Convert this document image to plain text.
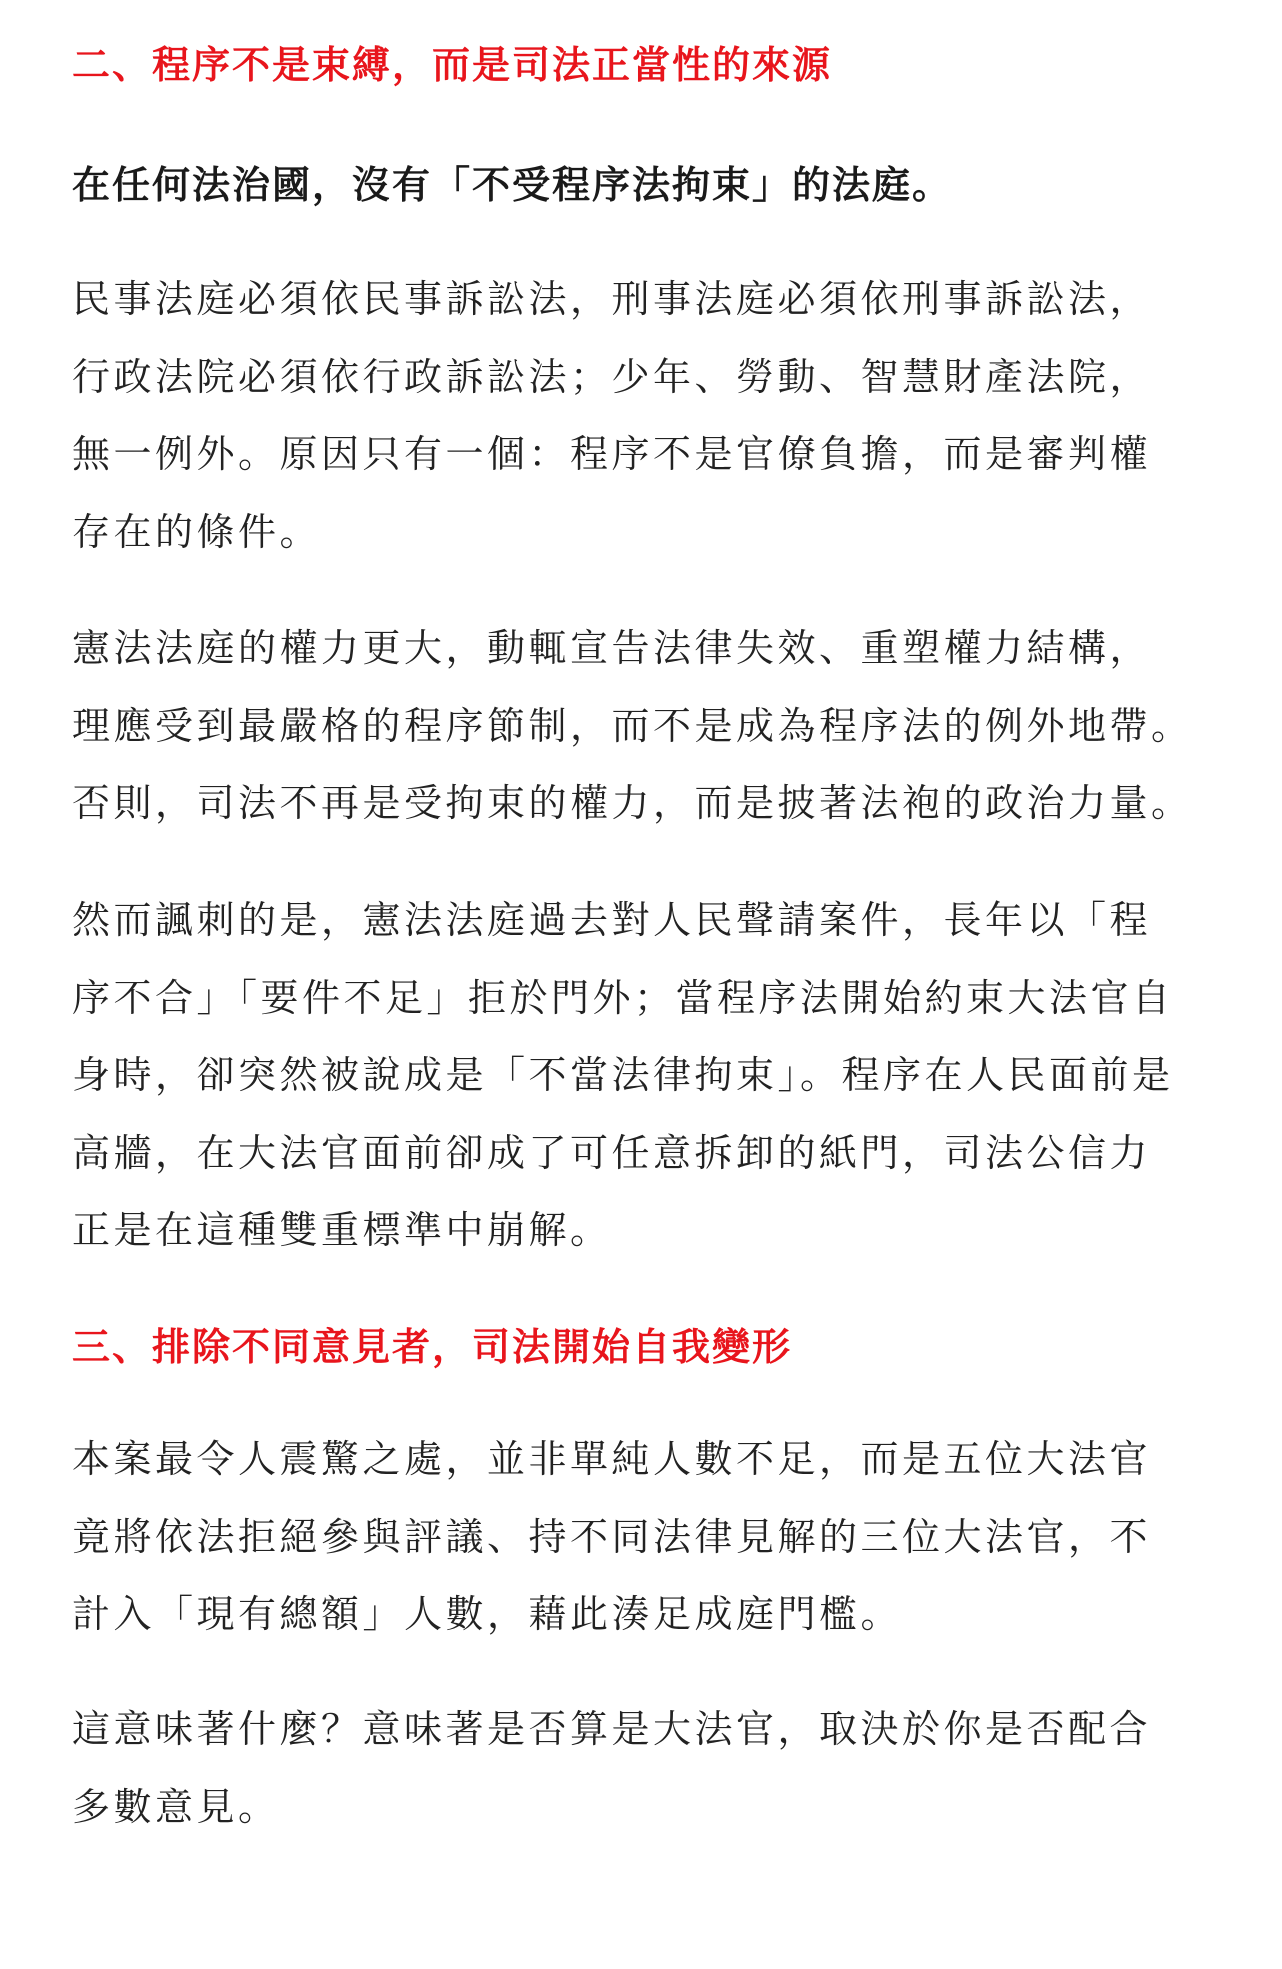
二、程序不是束縛，而是司法正當性的來源

在任何法治國，沒有「不受程序法拘束」的法庭。

民事法庭必須依民事訴訟法，刑事法庭必須依刑事訴訟法，
行政法院必須依行政訴訟法；少年、勞動、智慧財產法院，
無一例外。原因只有一個：程序不是官僚負擔，而是審判權
存在的條件。

憲法法庭的權力更大，動輒宣告法律失效、重塑權力結構，
理應受到最嚴格的程序節制，而不是成為程序法的例外地帶。
否則，司法不再是受拘束的權力，而是披著法袍的政治力量。

然而諷刺的是，憲法法庭過去對人民聲請案件，長年以「程
序不合」「要件不足」拒於門外；當程序法開始約束大法官自
身時，卻突然被說成是「不當法律拘束」。程序在人民面前是
高牆，在大法官面前卻成了可任意拆卸的紙門，司法公信力
正是在這種雙重標準中崩解。

三、排除不同意見者，司法開始自我變形

本案最令人震驚之處，並非單純人數不足，而是五位大法官
竟將依法拒絕參與評議、持不同法律見解的三位大法官，不
計入「現有總額」人數，藉此湊足成庭門檻。

這意味著什麼？意味著是否算是大法官，取決於你是否配合
多數意見。
